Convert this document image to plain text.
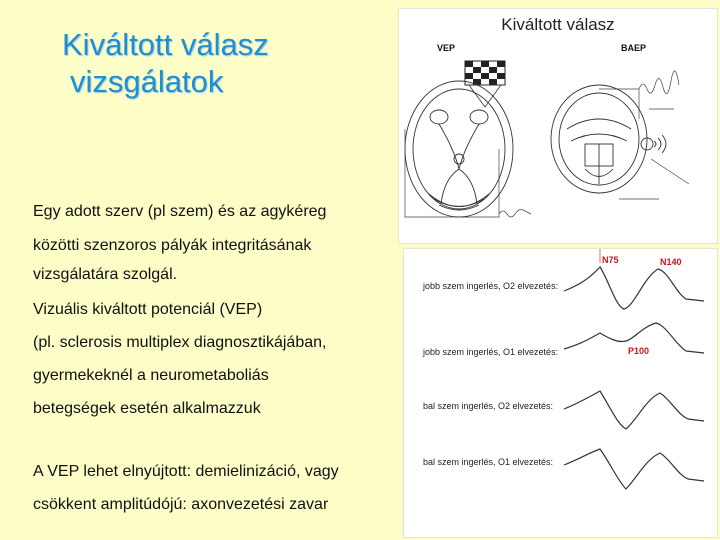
Kiváltott válasz
vizsgálatok
Egy adott szerv (pl szem) és az agykéreg
közötti szenzoros pályák integritásának
vizsgálatára szolgál.
Vizuális kiváltott potenciál (VEP)
(pl. sclerosis multiplex diagnosztikájában,
gyermekeknél a neurometaboliás
betegségek esetén alkalmazzuk
A VEP lehet elnyújtott: demielinizáció, vagy
csökkent amplitúdójú: axonvezetési zavar
Kiváltott válasz
VEP	BAEP
jobb szem ingerlés, O2 elvezetés:
jobb szem ingerlés, O1 elvezetés:
bal szem ingerlés, O2 elvezetés:
bal szem ingerlés, O1 elvezetés:
N75	N140
P100
